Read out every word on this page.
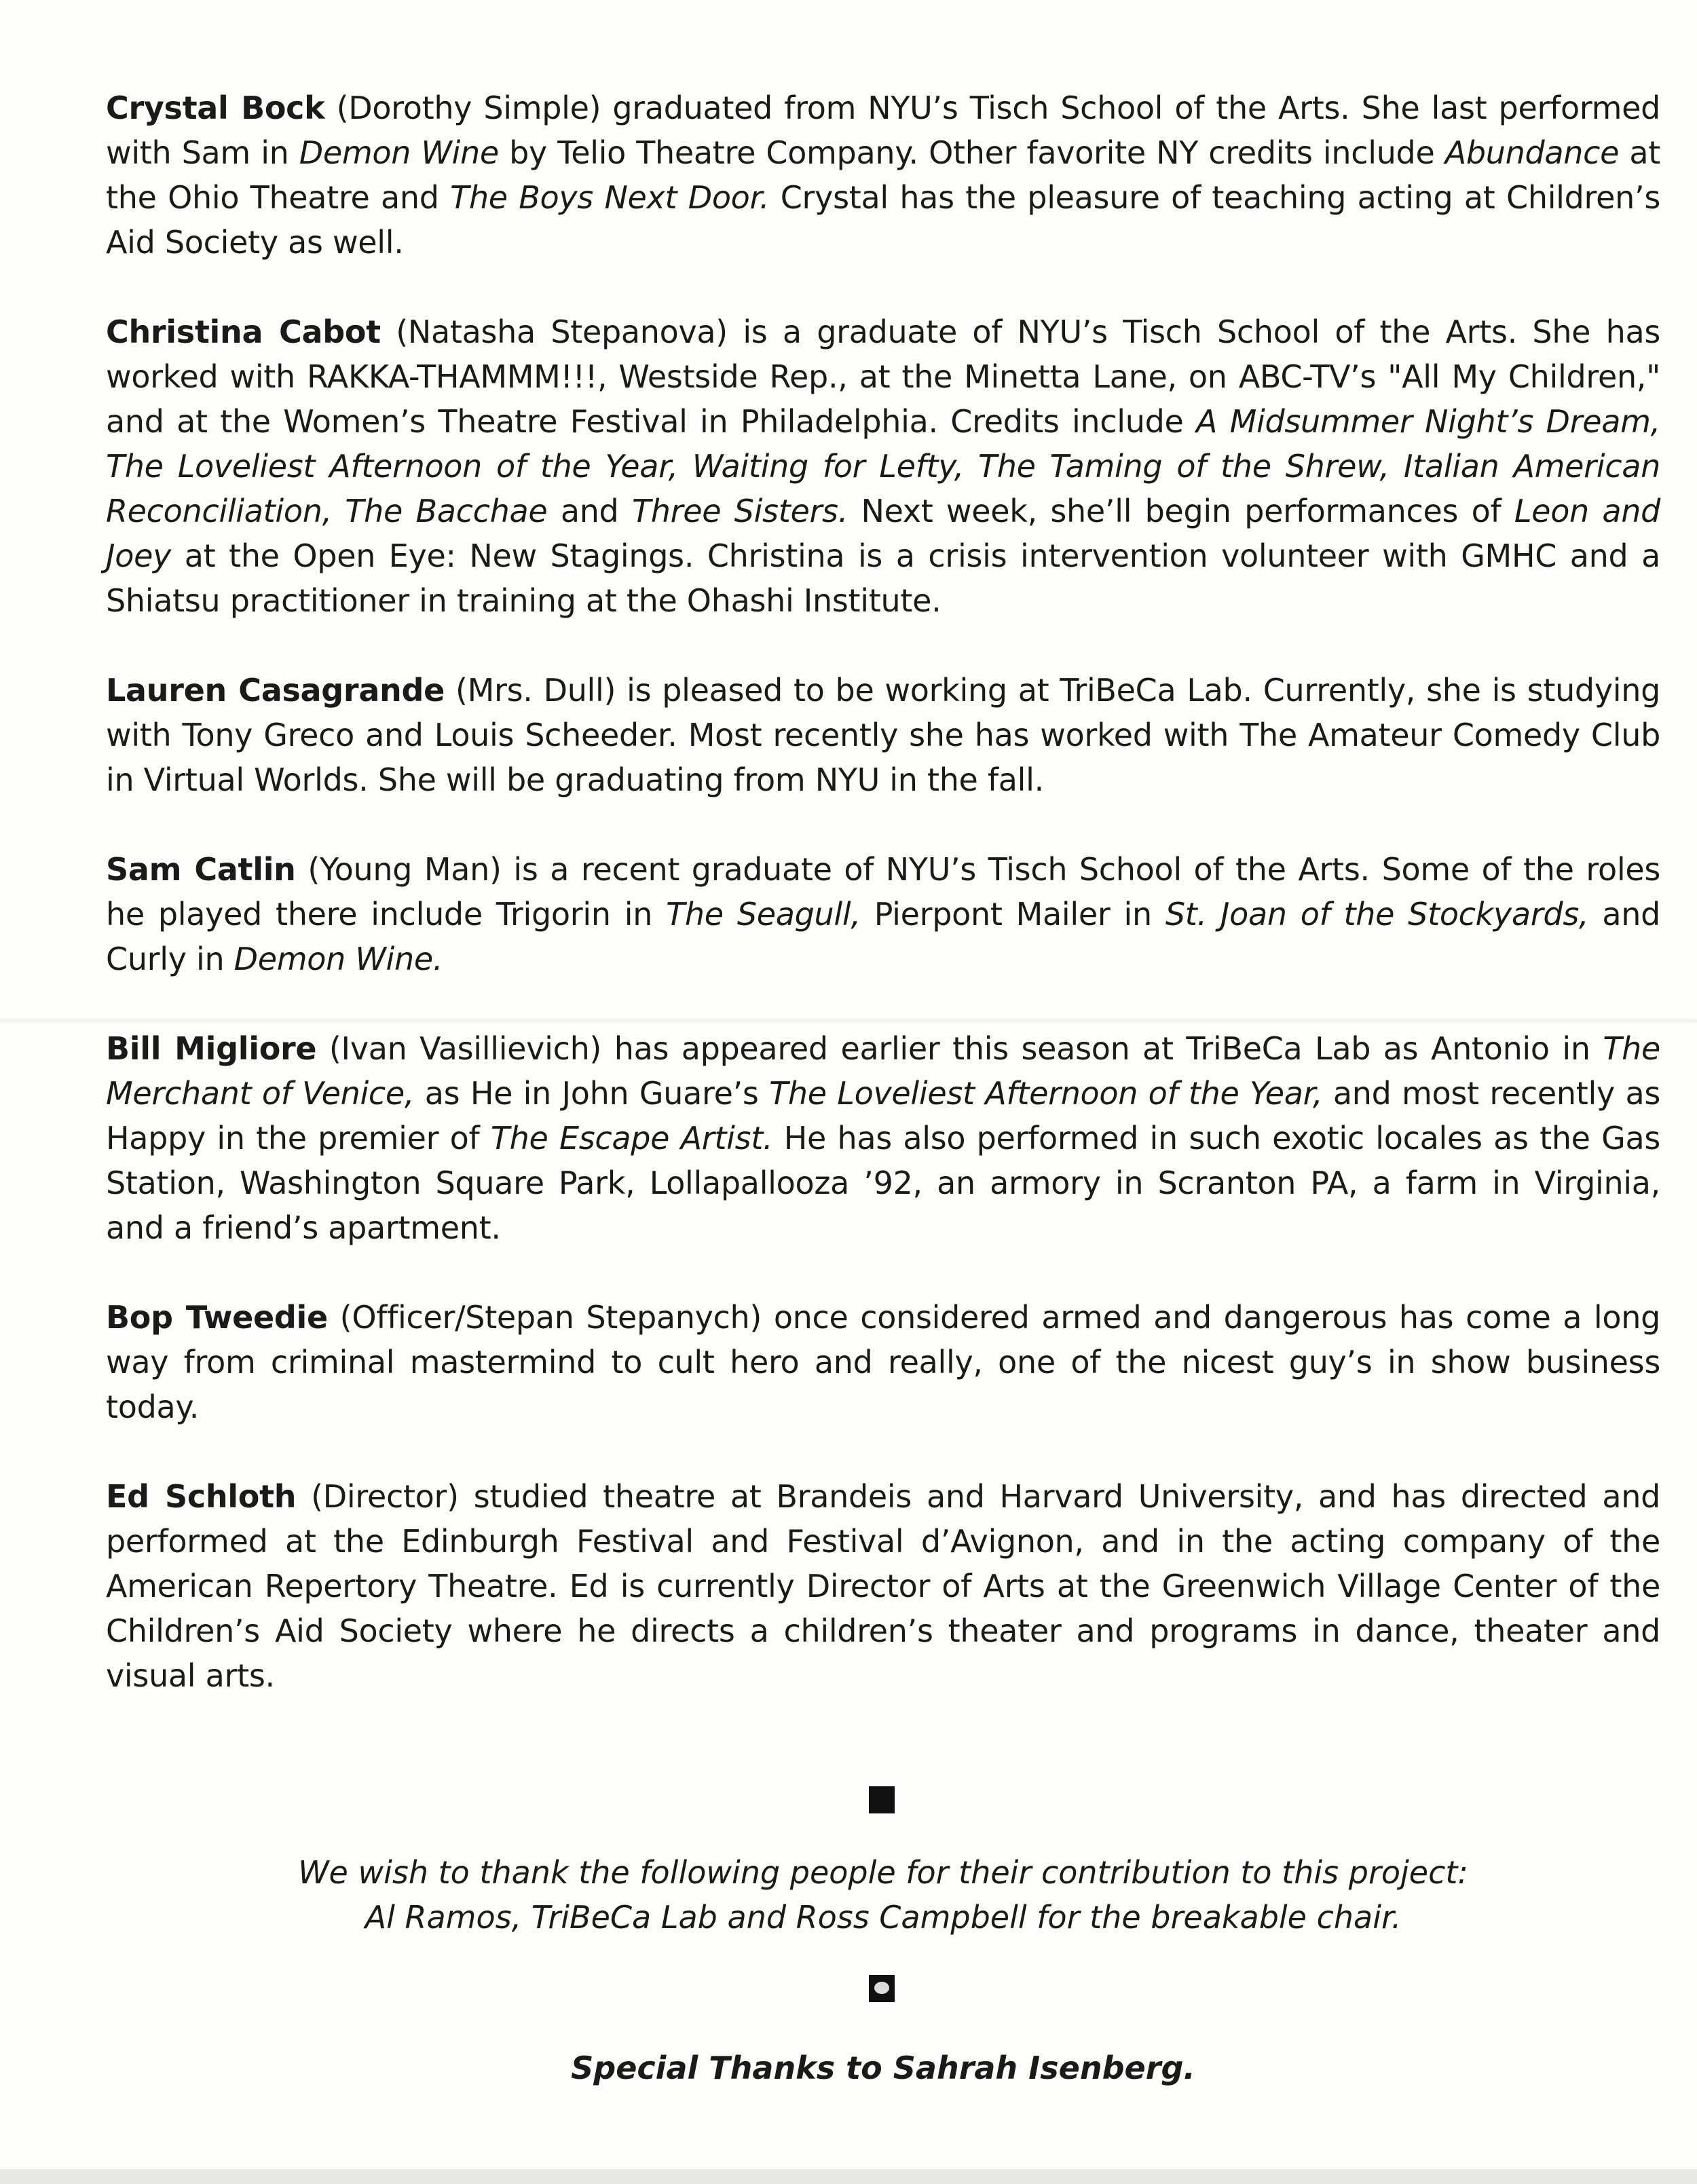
Crystal Bock (Dorothy Simple) graduated from NYU’s Tisch School of the Arts. She last performed with Sam in Demon Wine by Telio Theatre Company. Other favorite NY credits include Abundance at the Ohio Theatre and The Boys Next Door. Crystal has the pleasure of teaching acting at Children’s Aid Society as well.

Christina Cabot (Natasha Stepanova) is a graduate of NYU’s Tisch School of the Arts. She has worked with RAKKA-THAMMM!!!, Westside Rep., at the Minetta Lane, on ABC-TV’s "All My Children," and at the Women’s Theatre Festival in Philadelphia. Credits include A Midsummer Night’s Dream, The Loveliest Afternoon of the Year, Waiting for Lefty, The Taming of the Shrew, Italian American Reconciliation, The Bacchae and Three Sisters. Next week, she’ll begin performances of Leon and Joey at the Open Eye: New Stagings. Christina is a crisis intervention volunteer with GMHC and a Shiatsu practitioner in training at the Ohashi Institute.

Lauren Casagrande (Mrs. Dull) is pleased to be working at TriBeCa Lab. Currently, she is studying with Tony Greco and Louis Scheeder. Most recently she has worked with The Amateur Comedy Club in Virtual Worlds. She will be graduating from NYU in the fall.

Sam Catlin (Young Man) is a recent graduate of NYU’s Tisch School of the Arts. Some of the roles he played there include Trigorin in The Seagull, Pierpont Mailer in St. Joan of the Stockyards, and Curly in Demon Wine.

Bill Migliore (Ivan Vasillievich) has appeared earlier this season at TriBeCa Lab as Antonio in The Merchant of Venice, as He in John Guare’s The Loveliest Afternoon of the Year, and most recently as Happy in the premier of The Escape Artist. He has also performed in such exotic locales as the Gas Station, Washington Square Park, Lollapallooza ’92, an armory in Scranton PA, a farm in Virginia, and a friend’s apartment.

Bop Tweedie (Officer/Stepan Stepanych) once considered armed and dangerous has come a long way from criminal mastermind to cult hero and really, one of the nicest guy’s in show business today.

Ed Schloth (Director) studied theatre at Brandeis and Harvard University, and has directed and performed at the Edinburgh Festival and Festival d’Avignon, and in the acting company of the American Repertory Theatre. Ed is currently Director of Arts at the Greenwich Village Center of the Children’s Aid Society where he directs a children’s theater and programs in dance, theater and visual arts.

We wish to thank the following people for their contribution to this project:
Al Ramos, TriBeCa Lab and Ross Campbell for the breakable chair.
Special Thanks to Sahrah Isenberg.
